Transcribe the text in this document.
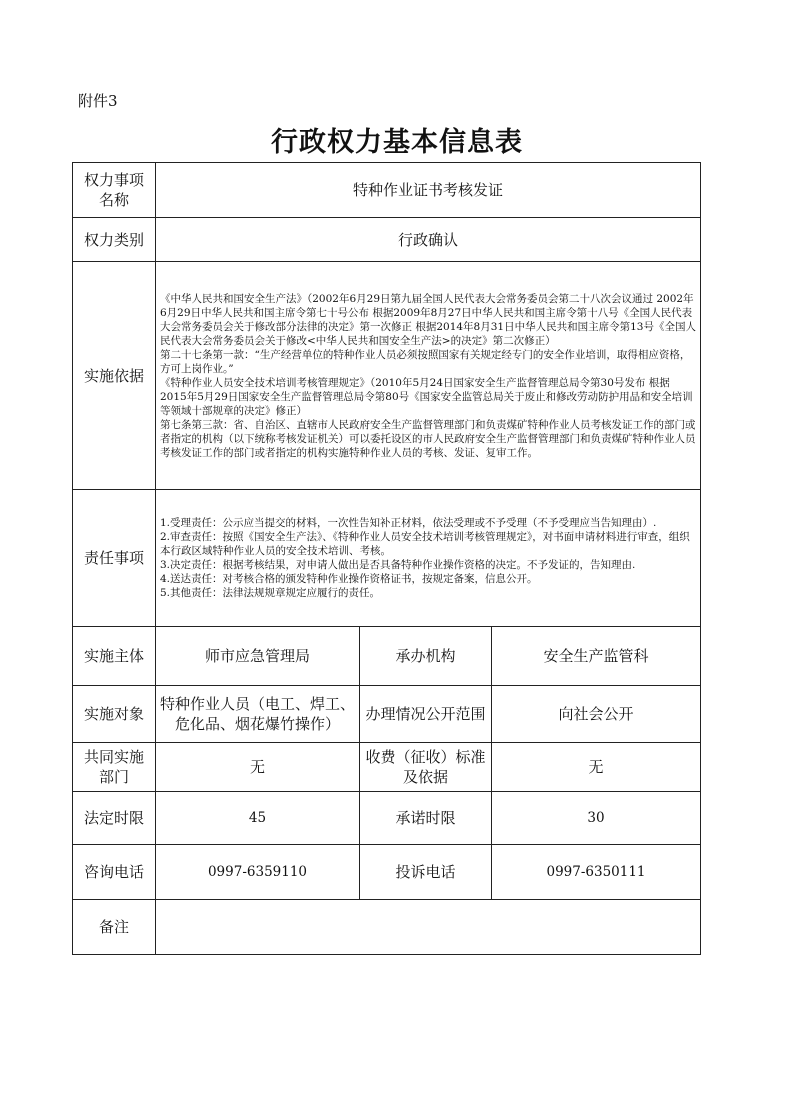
附件3
行政权力基本信息表
权力事项名称	特种作业证书考核发证		
权力类别	行政确认		
实施依据	《中华人民共和国安全生产法》（2002年6月29日第九届全国人民代表大会常务委员会第二十八次会议通过 2002年6月29日中华人民共和国主席令第七十号公布 根据2009年8月27日中华人民共和国主席令第十八号《全国人民代表大会常务委员会关于修改部分法律的决定》第一次修正 根据2014年8月31日中华人民共和国主席令第13号《全国人民代表大会常务委员会关于修改<中华人民共和国安全生产法>的决定》第二次修正）
第二十七条第一款：“生产经营单位的特种作业人员必须按照国家有关规定经专门的安全作业培训，取得相应资格，方可上岗作业。”
《特种作业人员安全技术培训考核管理规定》（2010年5月24日国家安全生产监督管理总局令第30号发布 根据2015年5月29日国家安全生产监督管理总局令第80号《国家安全监管总局关于废止和修改劳动防护用品和安全培训等领域十部规章的决定》修正）
第七条第三款：省、自治区、直辖市人民政府安全生产监督管理部门和负责煤矿特种作业人员考核发证工作的部门或者指定的机构（以下统称考核发证机关）可以委托设区的市人民政府安全生产监督管理部门和负责煤矿特种作业人员考核发证工作的部门或者指定的机构实施特种作业人员的考核、发证、复审工作。		

责任事项	1.受理责任：公示应当提交的材料，一次性告知补正材料，依法受理或不予受理（不予受理应当告知理由）.
2.审查责任：按照《国安全生产法》、《特种作业人员安全技术培训考核管理规定》，对书面申请材料进行审查，组织本行政区域特种作业人员的安全技术培训、考核。
3.决定责任：根据考核结果，对申请人做出是否具备特种作业操作资格的决定。不予发证的，告知理由.
4.送达责任：对考核合格的颁发特种作业操作资格证书，按规定备案，信息公开。
5.其他责任：法律法规规章规定应履行的责任。		

实施主体	师市应急管理局	承办机构	安全生产监管科
实施对象	特种作业人员（电工、焊工、危化品、烟花爆竹操作）	办理情况公开范围	向社会公开
共同实施部门	无	收费（征收）标准及依据	无
法定时限	45	承诺时限	30
咨询电话	0997-6359110	投诉电话	0997-6350111
备注			
